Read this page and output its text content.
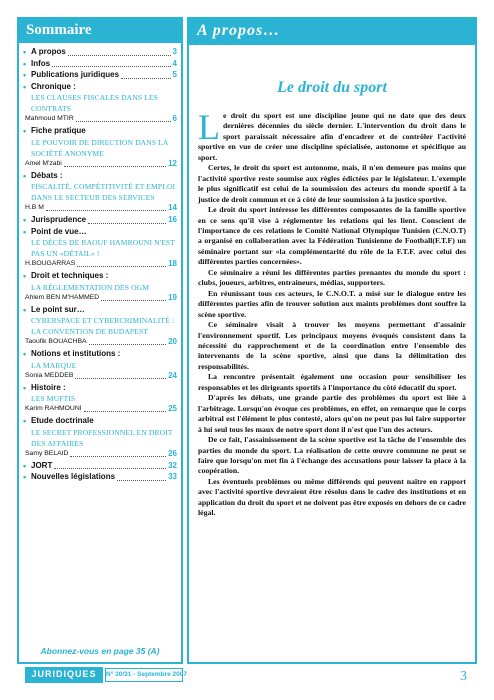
Sommaire
• A propos	3
• Infos	4
• Publications juridiques	5
• Chronique :
LES CLAUSES FISCALES DANS LES CONTRATS
Mahmoud MTIR	6
• Fiche pratique
LE POUVOIR DE DIRECTION DANS LA SOCIÉTÉ ANONYME
Amel M'zabi	12
• Débats :
FISCALITÉ, COMPÉTITIVITÉ ET EMPLOI DANS LE SECTEUR DES SERVICES
H.B M	14
• Jurisprudence	16
• Point de vue…
LE DÉCÈS DE RAOUF HAMROUNI N'EST PAS UN «DÉTAIL» !
H.BOUGARRAS	18
• Droit et techniques :
LA RÉGLEMENTATION DES OGM
Ahlem BEN M'HAMMED	19
• Le point sur…
CYBERSPACE ET CYBERCRIMINALITÉ : LA CONVENTION DE BUDAPEST
Taoufik BOUACHBA	20
• Notions et institutions :
LA MARQUE
Sonia MEDDEB	24
• Histoire :
LES MUFTIS
Karim RAHMOUNI	25
• Etude doctrinale
LE SECRET PROFESSIONNEL EN DROIT DES AFFAIRES
Samy BELAID	26
• JORT	32
• Nouvelles législations	33
Abonnez-vous en page 35 (A)
A propos…
Le droit du sport

Le droit du sport est une discipline jeune qui ne date que des deux dernières décennies du siècle dernier. L'intervention du droit dans le sport paraissait nécessaire afin d'encadrer et de contrôler l'activité sportive en vue de créer une discipline spécialisée, autonome et spécifique au sport.

Certes, le droit du sport est autonome, mais, il n'en demeure pas moins que l'activité sportive reste soumise aux règles édictées par le législateur. L'exemple le plus significatif est celui de la soumission des acteurs du monde sportif à la justice de droit commun et ce à côté de leur soumission à la justice sportive.

Le droit du sport intéresse les différentes composantes de la famille sportive en ce sens qu'il vise à réglementer les relations qui les lient. Conscient de l'importance de ces relations le Comité National Olympique Tunisien (C.N.O.T) a organisé en collaboration avec la Fédération Tunisienne de Football(F.T.F) un séminaire portant sur «la complémentarité du rôle de la F.T.F. avec celui des différentes parties concernées».

Ce séminaire a réuni les différentes parties prenantes du monde du sport : clubs, joueurs, arbitres, entraineurs, médias, supporters.

En réunissant tous ces acteurs, le C.N.O.T. a misé sur le dialogue entre les différentes parties afin de trouver solution aux maints problèmes dont souffre la scène sportive.

Ce séminaire visait à trouver les moyens permettant d'assainir l'environnement sportif. Les principaux moyens évoqués consistent dans la nécessité du rapprochement et de la coordination entre l'ensemble des intervenants de la scène sportive, ainsi que dans la délimitation des responsabilités.

La rencontre présentait également une occasion pour sensibiliser les responsables et les dirigeants sportifs à l'importance du côté éducatif du sport.

D'après les débats, une grande partie des problèmes du sport est liée à l'arbitrage. Lorsqu'on évoque ces problèmes, en effet, on remarque que le corps arbitral est l'élément le plus contesté, alors qu'on ne peut pas lui faire supporter à lui seul tous les maux de notre sport dont il n'est que l'un des acteurs.

De ce fait, l'assainissement de la scène sportive est la tâche de l'ensemble des parties du monde du sport. La réalisation de cette œuvre commune ne peut se faire que lorsqu'on met fin à l'échange des accusations pour laisser la place à la coopération.

Les éventuels problèmes ou même différends qui peuvent naître en rapport avec l'activité sportive devraient être résolus dans le cadre des institutions et en application du droit du sport et ne doivent pas être exposés en dehors de ce cadre légal.

JURIDIQUES	N° 30/31 - Septembre 2007	3
